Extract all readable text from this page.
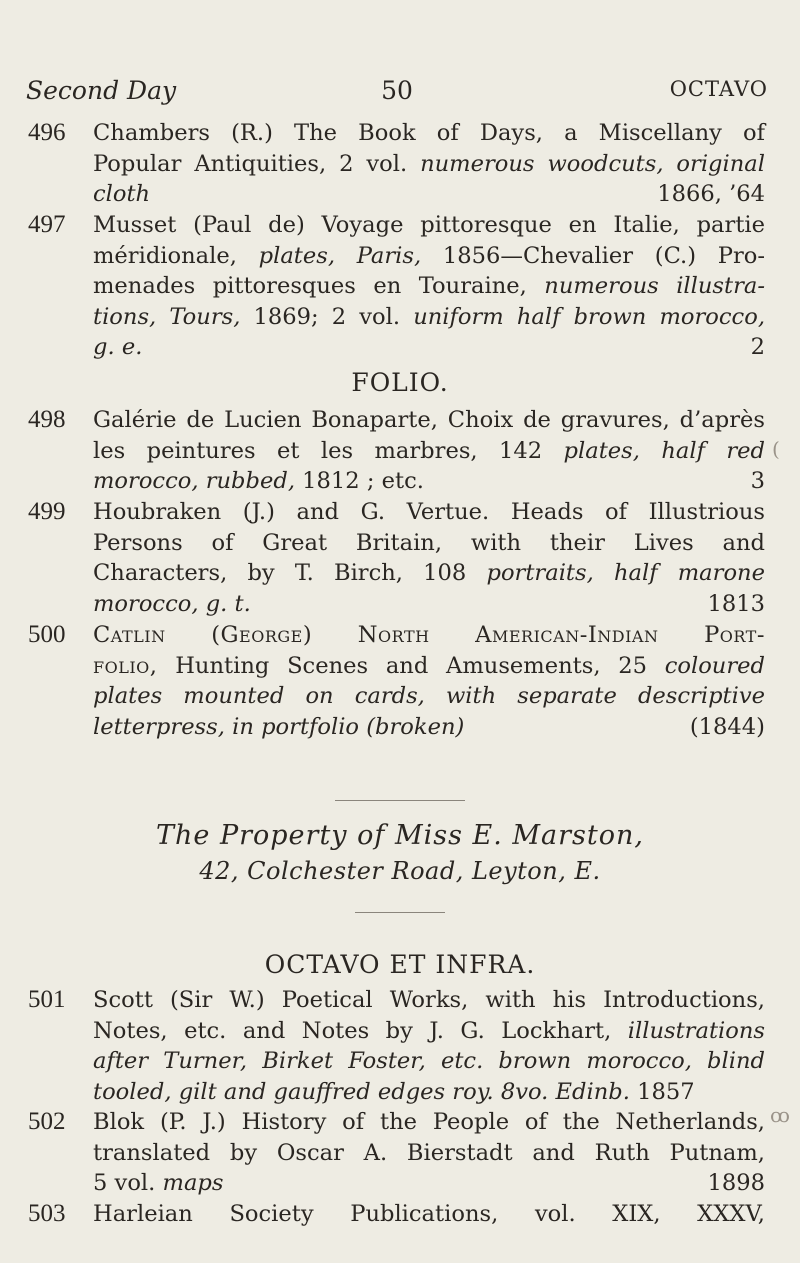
Second Day	50	OCTAVO
496 Chambers (R.) The Book of Days, a Miscellany of
Popular Antiquities, 2 vol. numerous woodcuts, original
cloth	1866, ’64
497 Musset (Paul de) Voyage pittoresque en Italie, partie
méridionale, plates, Paris, 1856—Chevalier (C.) Pro-
menades pittoresques en Touraine, numerous illustra-
tions, Tours, 1869; 2 vol. uniform half brown morocco,
g. e.	2
FOLIO.
498 Galérie de Lucien Bonaparte, Choix de gravures, d’après
les peintures et les marbres, 142 plates, half red
morocco, rubbed, 1812 ; etc.	3
499 Houbraken (J.) and G. Vertue. Heads of Illustrious
Persons of Great Britain, with their Lives and
Characters, by T. Birch, 108 portraits, half marone
morocco, g. t.	1813
500 Catlin (George) North American-Indian Port-
folio, Hunting Scenes and Amusements, 25 coloured
plates mounted on cards, with separate descriptive
letterpress, in portfolio (broken)	(1844)
The Property of Miss E. Marston,
42, Colchester Road, Leyton, E.
OCTAVO ET INFRA.
501 Scott (Sir W.) Poetical Works, with his Introductions,
Notes, etc. and Notes by J. G. Lockhart, illustrations
after Turner, Birket Foster, etc. brown morocco, blind
tooled, gilt and gauffred edges roy. 8vo. Edinb. 1857
502 Blok (P. J.) History of the People of the Netherlands,
translated by Oscar A. Bierstadt and Ruth Putnam,
5 vol. maps	1898
503 Harleian Society Publications, vol. XIX, XXXV,
ꝏ
(
